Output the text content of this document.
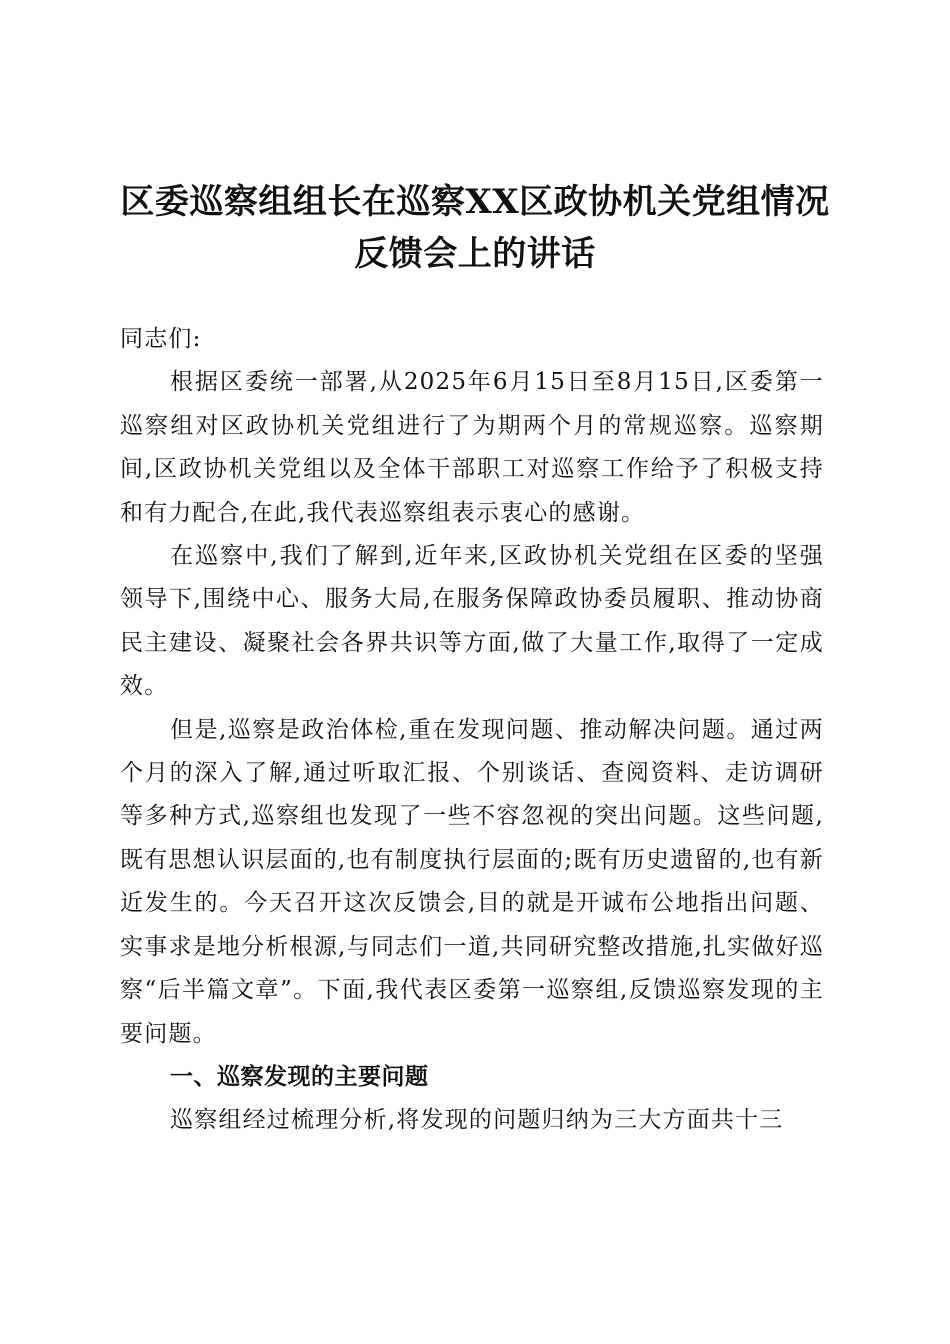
区委巡察组组长在巡察XX区政协机关党组情况反馈会上的讲话

同志们:

根据区委统一部署,从2025年6月15日至8月15日,区委第一巡察组对区政协机关党组进行了为期两个月的常规巡察。巡察期间,区政协机关党组以及全体干部职工对巡察工作给予了积极支持和有力配合,在此,我代表巡察组表示衷心的感谢。

在巡察中,我们了解到,近年来,区政协机关党组在区委的坚强领导下,围绕中心、服务大局,在服务保障政协委员履职、推动协商民主建设、凝聚社会各界共识等方面,做了大量工作,取得了一定成效。

但是,巡察是政治体检,重在发现问题、推动解决问题。通过两个月的深入了解,通过听取汇报、个别谈话、查阅资料、走访调研等多种方式,巡察组也发现了一些不容忽视的突出问题。这些问题,既有思想认识层面的,也有制度执行层面的;既有历史遗留的,也有新近发生的。今天召开这次反馈会,目的就是开诚布公地指出问题、实事求是地分析根源,与同志们一道,共同研究整改措施,扎实做好巡察“后半篇文章”。下面,我代表区委第一巡察组,反馈巡察发现的主要问题。

一、巡察发现的主要问题

巡察组经过梳理分析,将发现的问题归纳为三大方面共十三
